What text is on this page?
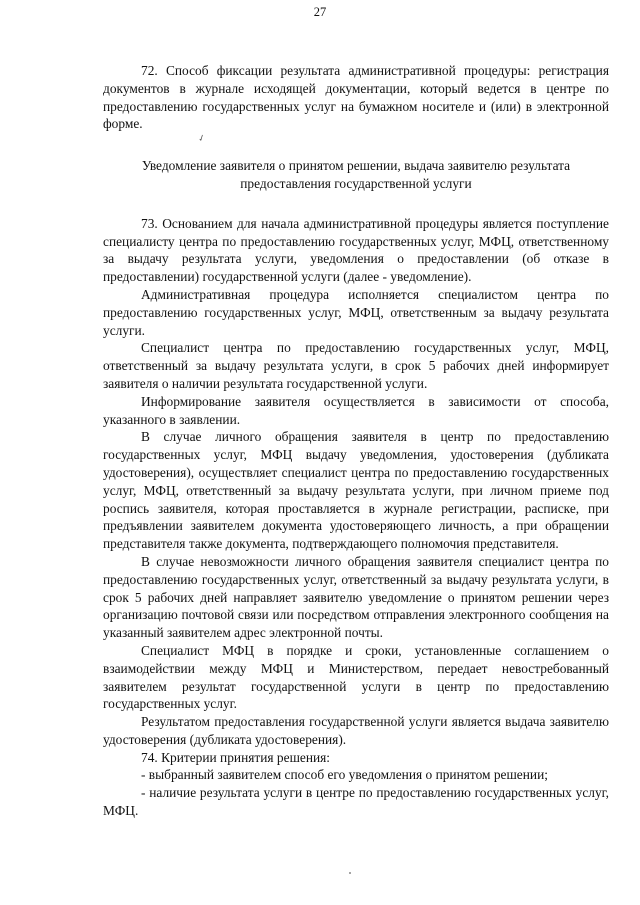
27
✓

72. Способ фиксации результата административной процедуры: регистрация документов в журнале исходящей документации, который ведется в центре по предоставлению государственных услуг на бумажном носителе и (или) в электронной форме.

Уведомление заявителя о принятом решении, выдача заявителю результата предоставления государственной услуги

73. Основанием для начала административной процедуры является поступление специалисту центра по предоставлению государственных услуг, МФЦ, ответственному за выдачу результата услуги, уведомления о предоставлении (об отказе в предоставлении) государственной услуги (далее - уведомление).

Административная процедура исполняется специалистом центра по предоставлению государственных услуг, МФЦ, ответственным за выдачу результата услуги.

Специалист центра по предоставлению государственных услуг, МФЦ, ответственный за выдачу результата услуги, в срок 5 рабочих дней информирует заявителя о наличии результата государственной услуги.

Информирование заявителя осуществляется в зависимости от способа, указанного в заявлении.

В случае личного обращения заявителя в центр по предоставлению государственных услуг, МФЦ выдачу уведомления, удостоверения (дубликата удостоверения), осуществляет специалист центра по предоставлению государственных услуг, МФЦ, ответственный за выдачу результата услуги, при личном приеме под роспись заявителя, которая проставляется в журнале регистрации, расписке, при предъявлении заявителем документа удостоверяющего личность, а при обращении представителя также документа, подтверждающего полномочия представителя.

В случае невозможности личного обращения заявителя специалист центра по предоставлению государственных услуг, ответственный за выдачу результата услуги, в срок 5 рабочих дней направляет заявителю уведомление о принятом решении через организацию почтовой связи или посредством отправления электронного сообщения на указанный заявителем адрес электронной почты.

Специалист МФЦ в порядке и сроки, установленные соглашением о взаимодействии между МФЦ и Министерством, передает невостребованный заявителем результат государственной услуги в центр по предоставлению государственных услуг.

Результатом предоставления государственной услуги является выдача заявителю удостоверения (дубликата удостоверения).

74. Критерии принятия решения:

- выбранный заявителем способ его уведомления о принятом решении;

- наличие результата услуги в центре по предоставлению государственных услуг, МФЦ.
